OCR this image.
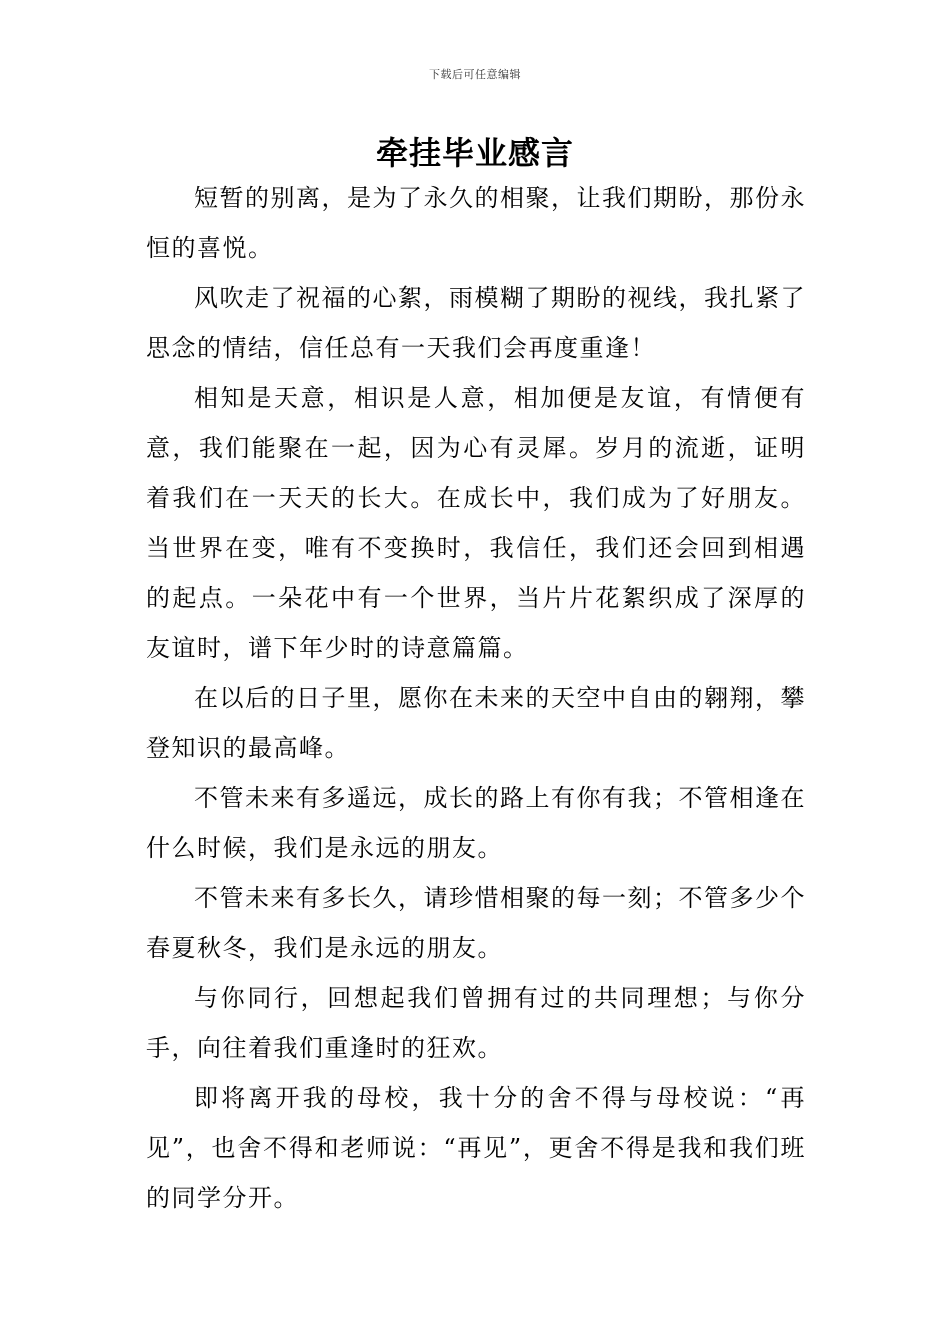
下载后可任意编辑
牵挂毕业感言

短暂的别离，是为了永久的相聚，让我们期盼，那份永恒的喜悦。

风吹走了祝福的心絮，雨模糊了期盼的视线，我扎紧了思念的情结，信任总有一天我们会再度重逢！

相知是天意，相识是人意，相加便是友谊，有情便有意，我们能聚在一起，因为心有灵犀。岁月的流逝，证明着我们在一天天的长大。在成长中，我们成为了好朋友。当世界在变，唯有不变换时，我信任，我们还会回到相遇的起点。一朵花中有一个世界，当片片花絮织成了深厚的友谊时，谱下年少时的诗意篇篇。

在以后的日子里，愿你在未来的天空中自由的翱翔，攀登知识的最高峰。

不管未来有多遥远，成长的路上有你有我；不管相逢在什么时候，我们是永远的朋友。

不管未来有多长久，请珍惜相聚的每一刻；不管多少个春夏秋冬，我们是永远的朋友。

与你同行，回想起我们曾拥有过的共同理想；与你分手，向往着我们重逢时的狂欢。

即将离开我的母校，我十分的舍不得与母校说：“再见”，也舍不得和老师说：“再见”，更舍不得是我和我们班的同学分开。
